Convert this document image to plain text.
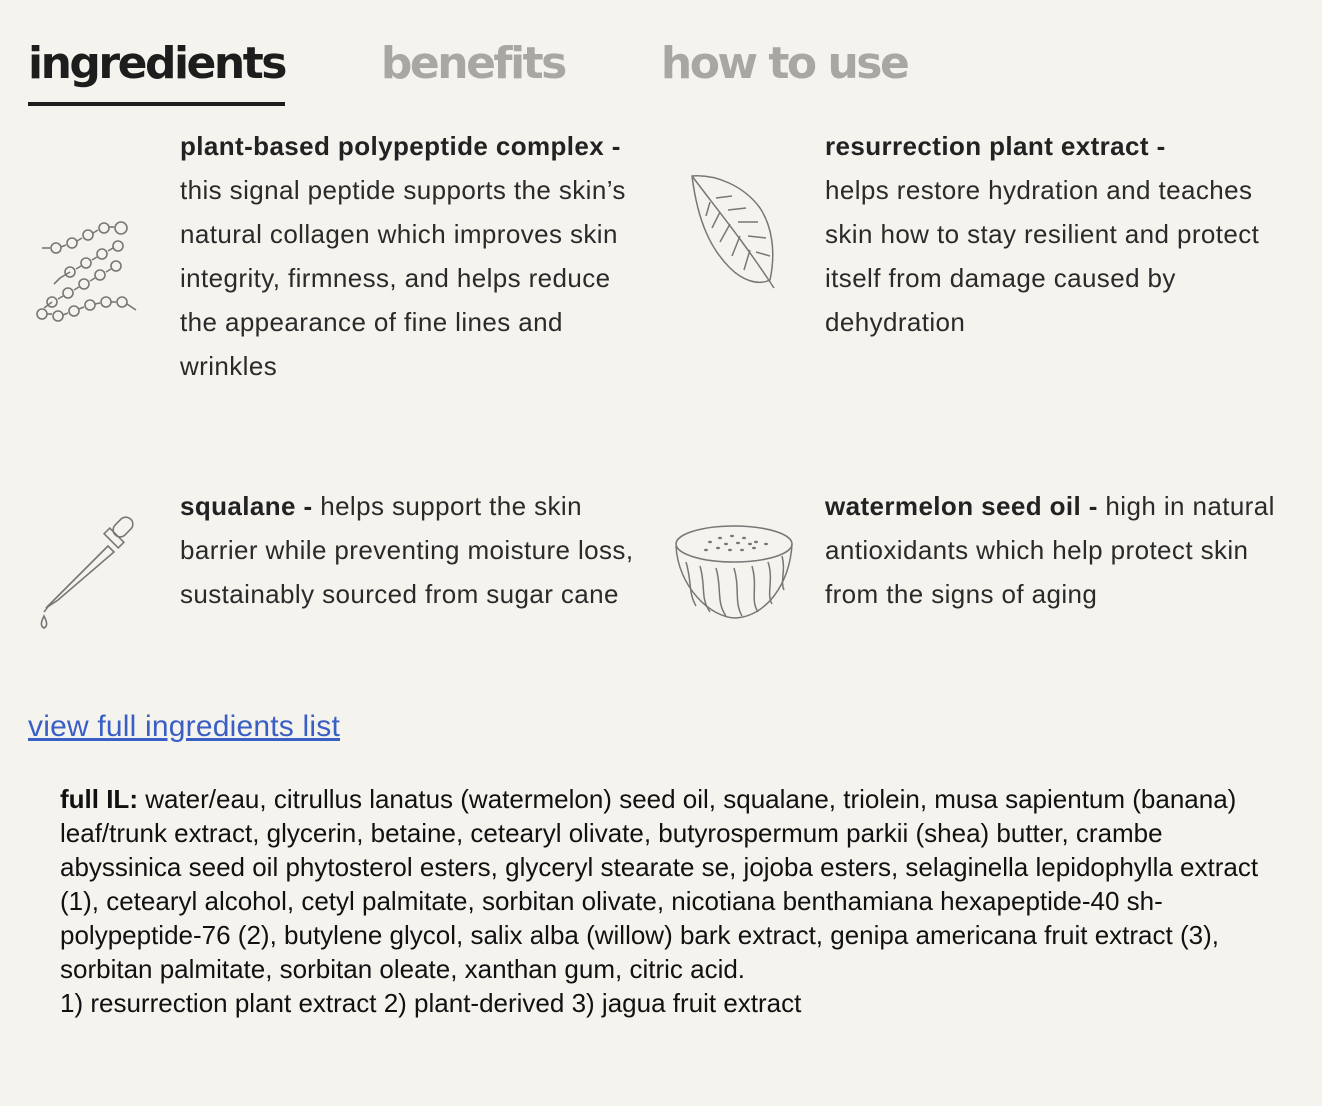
ingredients benefits how to use
plant-based polypeptide complex - this signal peptide supports the skin’s natural collagen which improves skin integrity, firmness, and helps reduce the appearance of fine lines and wrinkles
resurrection plant extract -
helps restore hydration and teaches skin how to stay resilient and protect itself from damage caused by dehydration
squalane - helps support the skin barrier while preventing moisture loss, sustainably sourced from sugar cane
watermelon seed oil - high in natural antioxidants which help protect skin from the signs of aging
view full ingredients list
full IL: water/eau, citrullus lanatus (watermelon) seed oil, squalane, triolein, musa sapientum (banana) leaf/trunk extract, glycerin, betaine, cetearyl olivate, butyrospermum parkii (shea) butter, crambe abyssinica seed oil phytosterol esters, glyceryl stearate se, jojoba esters, selaginella lepidophylla extract (1), cetearyl alcohol, cetyl palmitate, sorbitan olivate, nicotiana benthamiana hexapeptide-40 sh-polypeptide-76 (2), butylene glycol, salix alba (willow) bark extract, genipa americana fruit extract (3), sorbitan palmitate, sorbitan oleate, xanthan gum, citric acid.
1) resurrection plant extract 2) plant-derived 3) jagua fruit extract
